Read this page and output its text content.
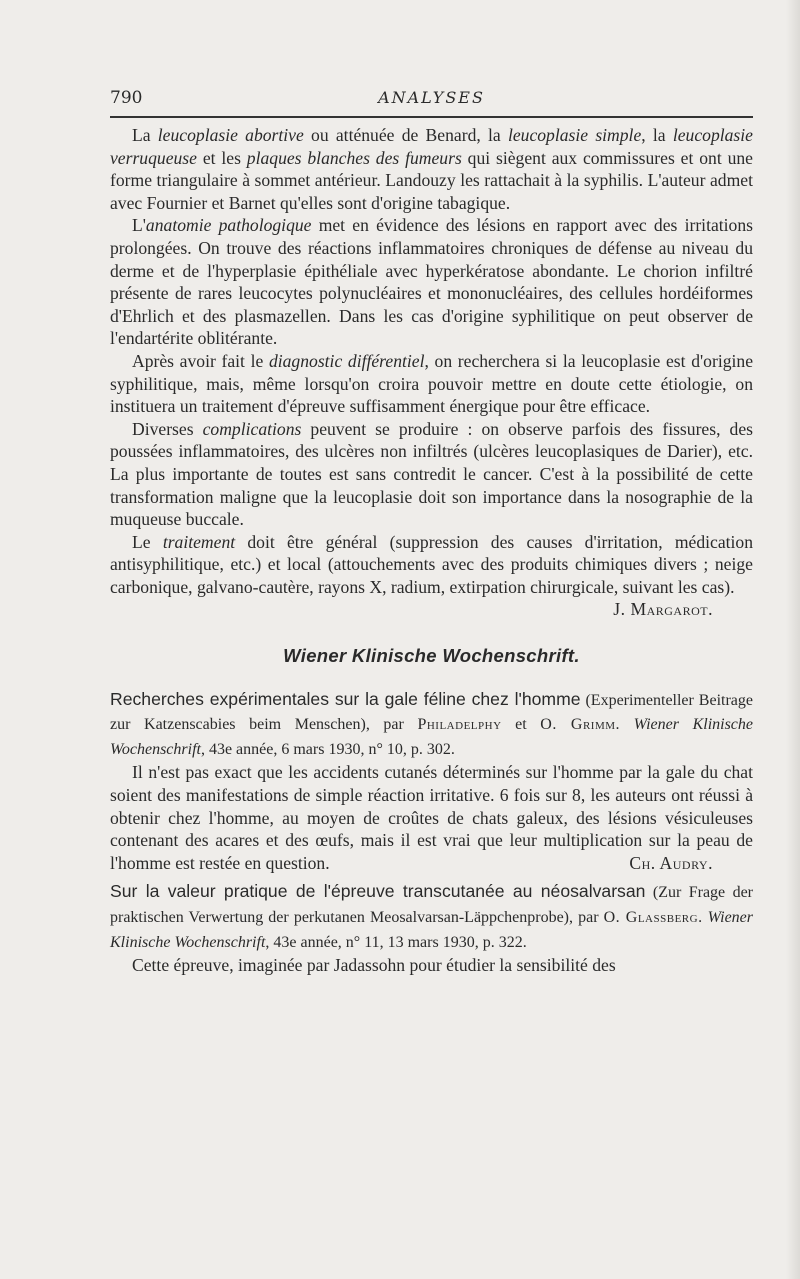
790	ANALYSES

La leucoplasie abortive ou atténuée de Benard, la leucoplasie simple, la leucoplasie verruqueuse et les plaques blanches des fumeurs qui siègent aux commissures et ont une forme triangulaire à sommet antérieur. Landouzy les rattachait à la syphilis. L'auteur admet avec Fournier et Barnet qu'elles sont d'origine tabagique.

L'anatomie pathologique met en évidence des lésions en rapport avec des irritations prolongées. On trouve des réactions inflammatoires chroniques de défense au niveau du derme et de l'hyperplasie épithéliale avec hyperkératose abondante. Le chorion infiltré présente de rares leucocytes polynucléaires et mononucléaires, des cellules hordéiformes d'Ehrlich et des plasmazellen. Dans les cas d'origine syphilitique on peut observer de l'endartérite oblitérante.

Après avoir fait le diagnostic différentiel, on recherchera si la leucoplasie est d'origine syphilitique, mais, même lorsqu'on croira pouvoir mettre en doute cette étiologie, on instituera un traitement d'épreuve suffisamment énergique pour être efficace.

Diverses complications peuvent se produire : on observe parfois des fissures, des poussées inflammatoires, des ulcères non infiltrés (ulcères leucoplasiques de Darier), etc. La plus importante de toutes est sans contredit le cancer. C'est à la possibilité de cette transformation maligne que la leucoplasie doit son importance dans la nosographie de la muqueuse buccale.

Le traitement doit être général (suppression des causes d'irritation, médication antisyphilitique, etc.) et local (attouchements avec des produits chimiques divers ; neige carbonique, galvano-cautère, rayons X, radium, extirpation chirurgicale, suivant les cas).

J. Margarot.

Wiener Klinische Wochenschrift.

Recherches expérimentales sur la gale féline chez l'homme (Experimenteller Beitrage zur Katzenscabies beim Menschen), par Philadelphy et O. Grimm. Wiener Klinische Wochenschrift, 43e année, 6 mars 1930, n° 10, p. 302.

Il n'est pas exact que les accidents cutanés déterminés sur l'homme par la gale du chat soient des manifestations de simple réaction irritative. 6 fois sur 8, les auteurs ont réussi à obtenir chez l'homme, au moyen de croûtes de chats galeux, des lésions vésiculeuses contenant des acares et des œufs, mais il est vrai que leur multiplication sur la peau de l'homme est restée en question.	Ch. Audry.

Sur la valeur pratique de l'épreuve transcutanée au néosalvarsan (Zur Frage der praktischen Verwertung der perkutanen Meosalvarsan-Läppchenprobe), par O. Glassberg. Wiener Klinische Wochenschrift, 43e année, n° 11, 13 mars 1930, p. 322.

Cette épreuve, imaginée par Jadassohn pour étudier la sensibilité des
